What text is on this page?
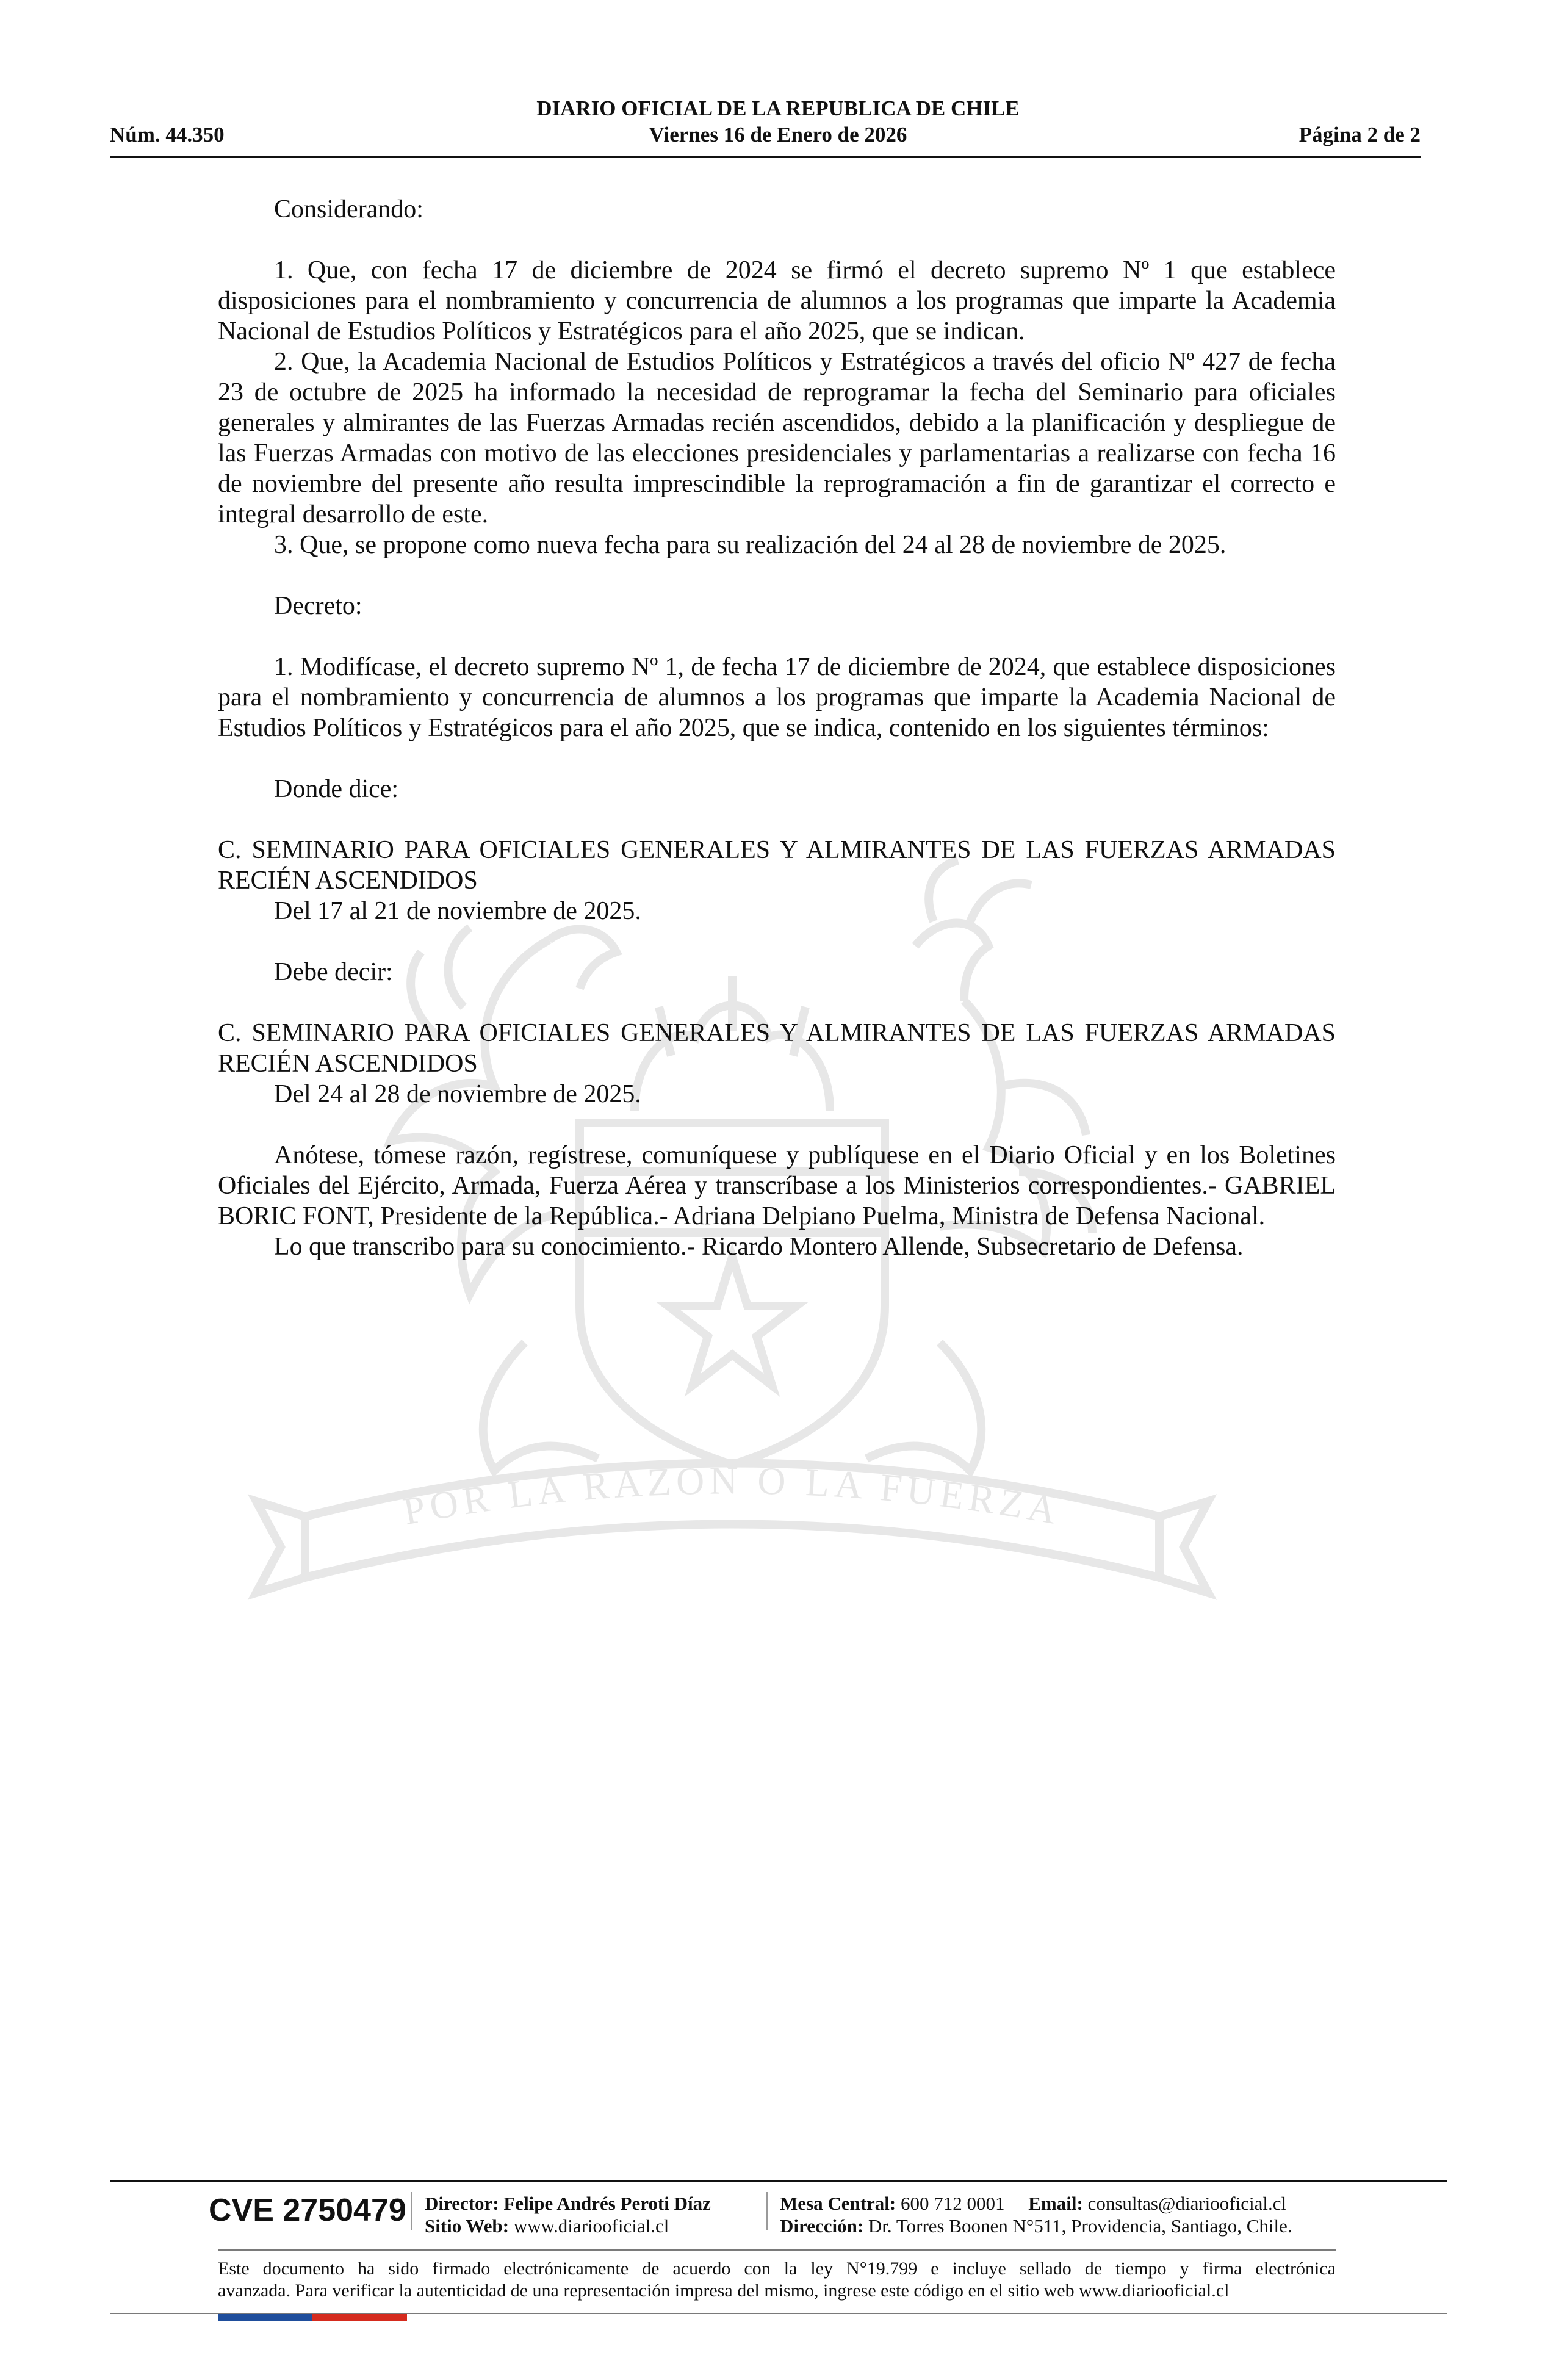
DIARIO OFICIAL DE LA REPUBLICA DE CHILE
Núm. 44.350	Viernes 16 de Enero de 2026	Página 2 de 2
POR LA RAZÓN O LA FUERZA

Considerando:

1. Que, con fecha 17 de diciembre de 2024 se firmó el decreto supremo Nº 1 que establece disposiciones para el nombramiento y concurrencia de alumnos a los programas que imparte la Academia Nacional de Estudios Políticos y Estratégicos para el año 2025, que se indican.

2. Que, la Academia Nacional de Estudios Políticos y Estratégicos a través del oficio Nº 427 de fecha 23 de octubre de 2025 ha informado la necesidad de reprogramar la fecha del Seminario para oficiales generales y almirantes de las Fuerzas Armadas recién ascendidos, debido a la planificación y despliegue de las Fuerzas Armadas con motivo de las elecciones presidenciales y parlamentarias a realizarse con fecha 16 de noviembre del presente año resulta imprescindible la reprogramación a fin de garantizar el correcto e integral desarrollo de este.

3. Que, se propone como nueva fecha para su realización del 24 al 28 de noviembre de 2025.

Decreto:

1. Modifícase, el decreto supremo Nº 1, de fecha 17 de diciembre de 2024, que establece disposiciones para el nombramiento y concurrencia de alumnos a los programas que imparte la Academia Nacional de Estudios Políticos y Estratégicos para el año 2025, que se indica, contenido en los siguientes términos:

Donde dice:

C. SEMINARIO PARA OFICIALES GENERALES Y ALMIRANTES DE LAS FUERZAS ARMADAS RECIÉN ASCENDIDOS

Del 17 al 21 de noviembre de 2025.

Debe decir:

C. SEMINARIO PARA OFICIALES GENERALES Y ALMIRANTES DE LAS FUERZAS ARMADAS RECIÉN ASCENDIDOS

Del 24 al 28 de noviembre de 2025.

Anótese, tómese razón, regístrese, comuníquese y publíquese en el Diario Oficial y en los Boletines Oficiales del Ejército, Armada, Fuerza Aérea y transcríbase a los Ministerios correspondientes.- GABRIEL BORIC FONT, Presidente de la República.- Adriana Delpiano Puelma, Ministra de Defensa Nacional.

Lo que transcribo para su conocimiento.- Ricardo Montero Allende, Subsecretario de Defensa.

CVE 2750479 Director: Felipe Andrés Peroti Díaz
Sitio Web: www.diariooficial.cl
Mesa Central: 600 712 0001 Email: consultas@diariooficial.cl
Dirección: Dr. Torres Boonen N°511, Providencia, Santiago, Chile.
Este documento ha sido firmado electrónicamente de acuerdo con la ley N°19.799 e incluye sellado de tiempo y firma electrónica
avanzada. Para verificar la autenticidad de una representación impresa del mismo, ingrese este código en el sitio web www.diariooficial.cl
